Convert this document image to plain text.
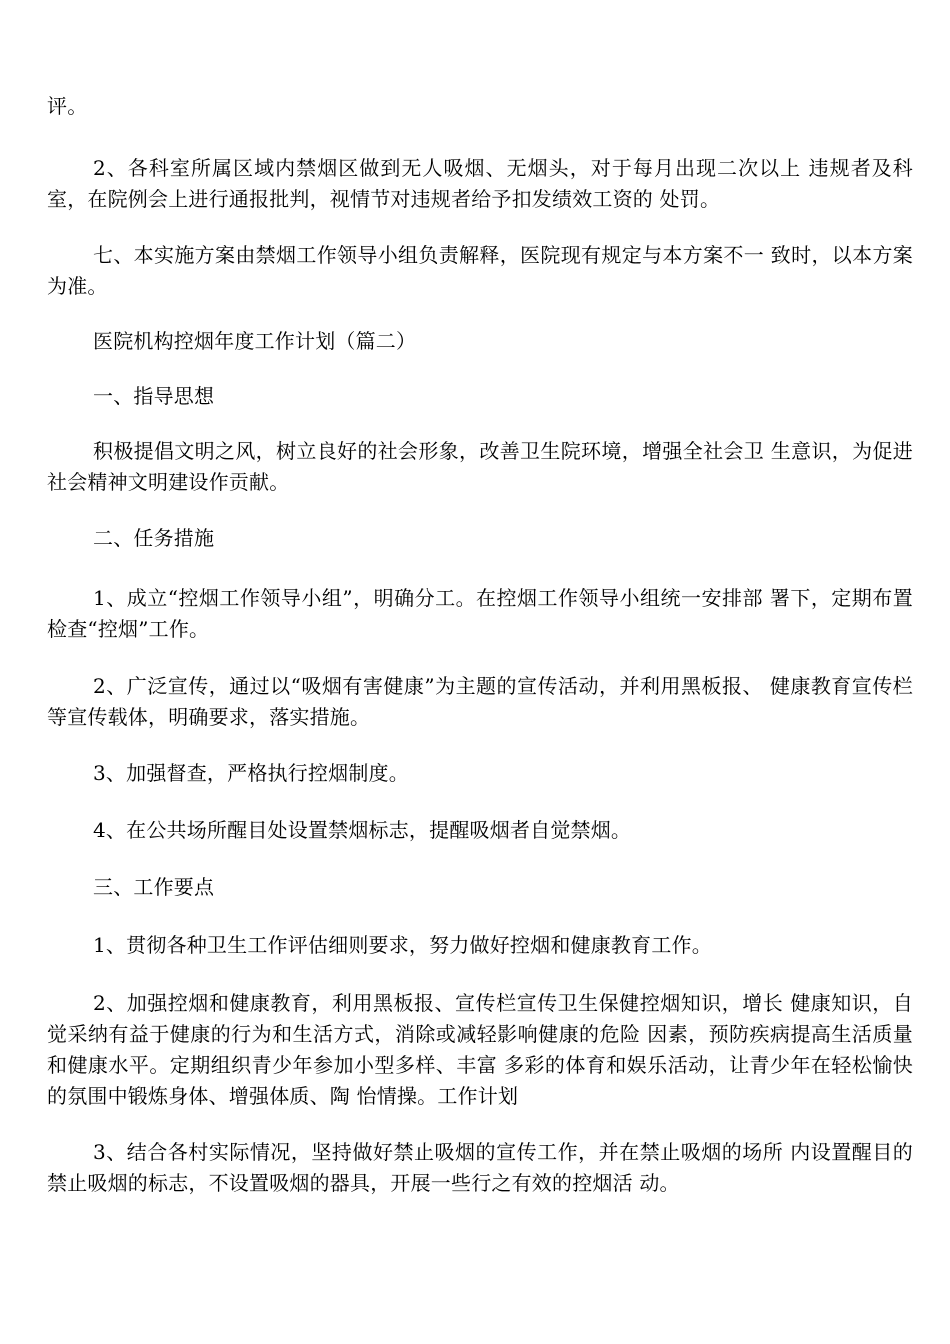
评。

2、各科室所属区域内禁烟区做到无人吸烟、无烟头，对于每月出现二次以上 违规者及科室，在院例会上进行通报批判，视情节对违规者给予扣发绩效工资的 处罚。

七、本实施方案由禁烟工作领导小组负责解释，医院现有规定与本方案不一 致时，以本方案为准。

医院机构控烟年度工作计划（篇二）

一、指导思想

积极提倡文明之风，树立良好的社会形象，改善卫生院环境，增强全社会卫 生意识，为促进社会精神文明建设作贡献。

二、任务措施

1、成立“控烟工作领导小组”，明确分工。在控烟工作领导小组统一安排部 署下，定期布置检查“控烟”工作。

2、广泛宣传，通过以“吸烟有害健康”为主题的宣传活动，并利用黑板报、 健康教育宣传栏等宣传载体，明确要求，落实措施。

3、加强督查，严格执行控烟制度。

4、在公共场所醒目处设置禁烟标志，提醒吸烟者自觉禁烟。

三、工作要点

1、贯彻各种卫生工作评估细则要求，努力做好控烟和健康教育工作。

2、加强控烟和健康教育，利用黑板报、宣传栏宣传卫生保健控烟知识，增长 健康知识，自觉采纳有益于健康的行为和生活方式，消除或减轻影响健康的危险 因素，预防疾病提高生活质量和健康水平。定期组织青少年参加小型多样、丰富 多彩的体育和娱乐活动，让青少年在轻松愉快的氛围中锻炼身体、增强体质、陶 怡情操。工作计划

3、结合各村实际情况，坚持做好禁止吸烟的宣传工作，并在禁止吸烟的场所 内设置醒目的禁止吸烟的标志，不设置吸烟的器具，开展一些行之有效的控烟活 动。
